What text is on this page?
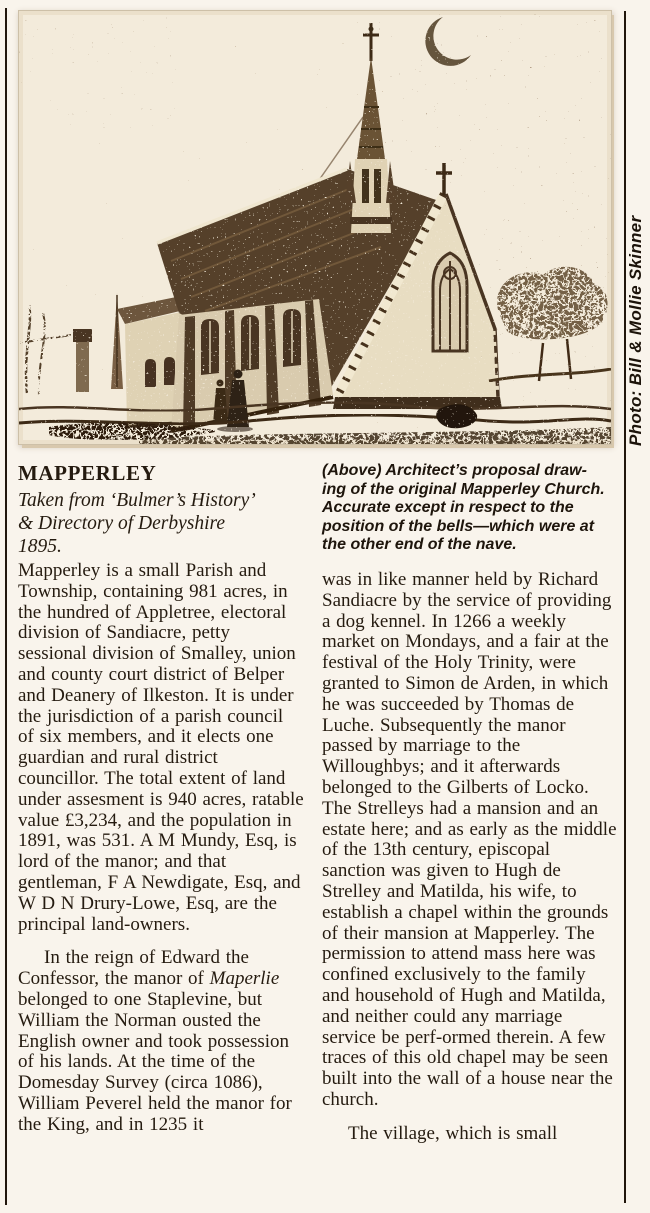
Photo: Bill & Mollie Skinner
MAPPERLEY
Taken from ‘Bulmer’s History’
& Directory of Derbyshire
1895.

Mapperley is a small Parish and Township, containing 981 acres, in the hundred of Appletree, electoral division of Sandiacre, petty sessional division of Smalley, union and county court district of Belper and Deanery of Ilkeston. It is under the jurisdiction of a parish council of six members, and it elects one guardian and rural district councillor. The total extent of land under assesment is 940 acres, ratable value £3,234, and the population in 1891, was 531. A M Mundy, Esq, is lord of the manor; and that gentleman, F A Newdigate, Esq, and W D N Drury-Lowe, Esq, are the principal land-owners.

In the reign of Edward the Confessor, the manor of Maperlie belonged to one Staplevine, but William the Norman ousted the English owner and took possession of his lands. At the time of the Domesday Survey (circa 1086), William Peverel held the manor for the King, and in 1235 it

(Above) Architect’s proposal draw-
ing of the original Mapperley Church.
Accurate except in respect to the
position of the bells—which were at
the other end of the nave.

was in like manner held by Richard Sandiacre by the service of providing a dog kennel. In 1266 a weekly market on Mondays, and a fair at the festival of the Holy Trinity, were granted to Simon de Arden, in which he was succeeded by Thomas de Luche. Subsequently the manor passed by marriage to the Willoughbys; and it afterwards belonged to the Gilberts of Locko. The Strelleys had a mansion and an estate here; and as early as the middle of the 13th century, episcopal sanction was given to Hugh de Strelley and Matilda, his wife, to establish a chapel within the grounds of their mansion at Mapperley. The permission to attend mass here was confined exclusively to the family and household of Hugh and Matilda, and neither could any marriage service be perf-ormed therein. A few traces of this old chapel may be seen built into the wall of a house near the church.

The village, which is small
